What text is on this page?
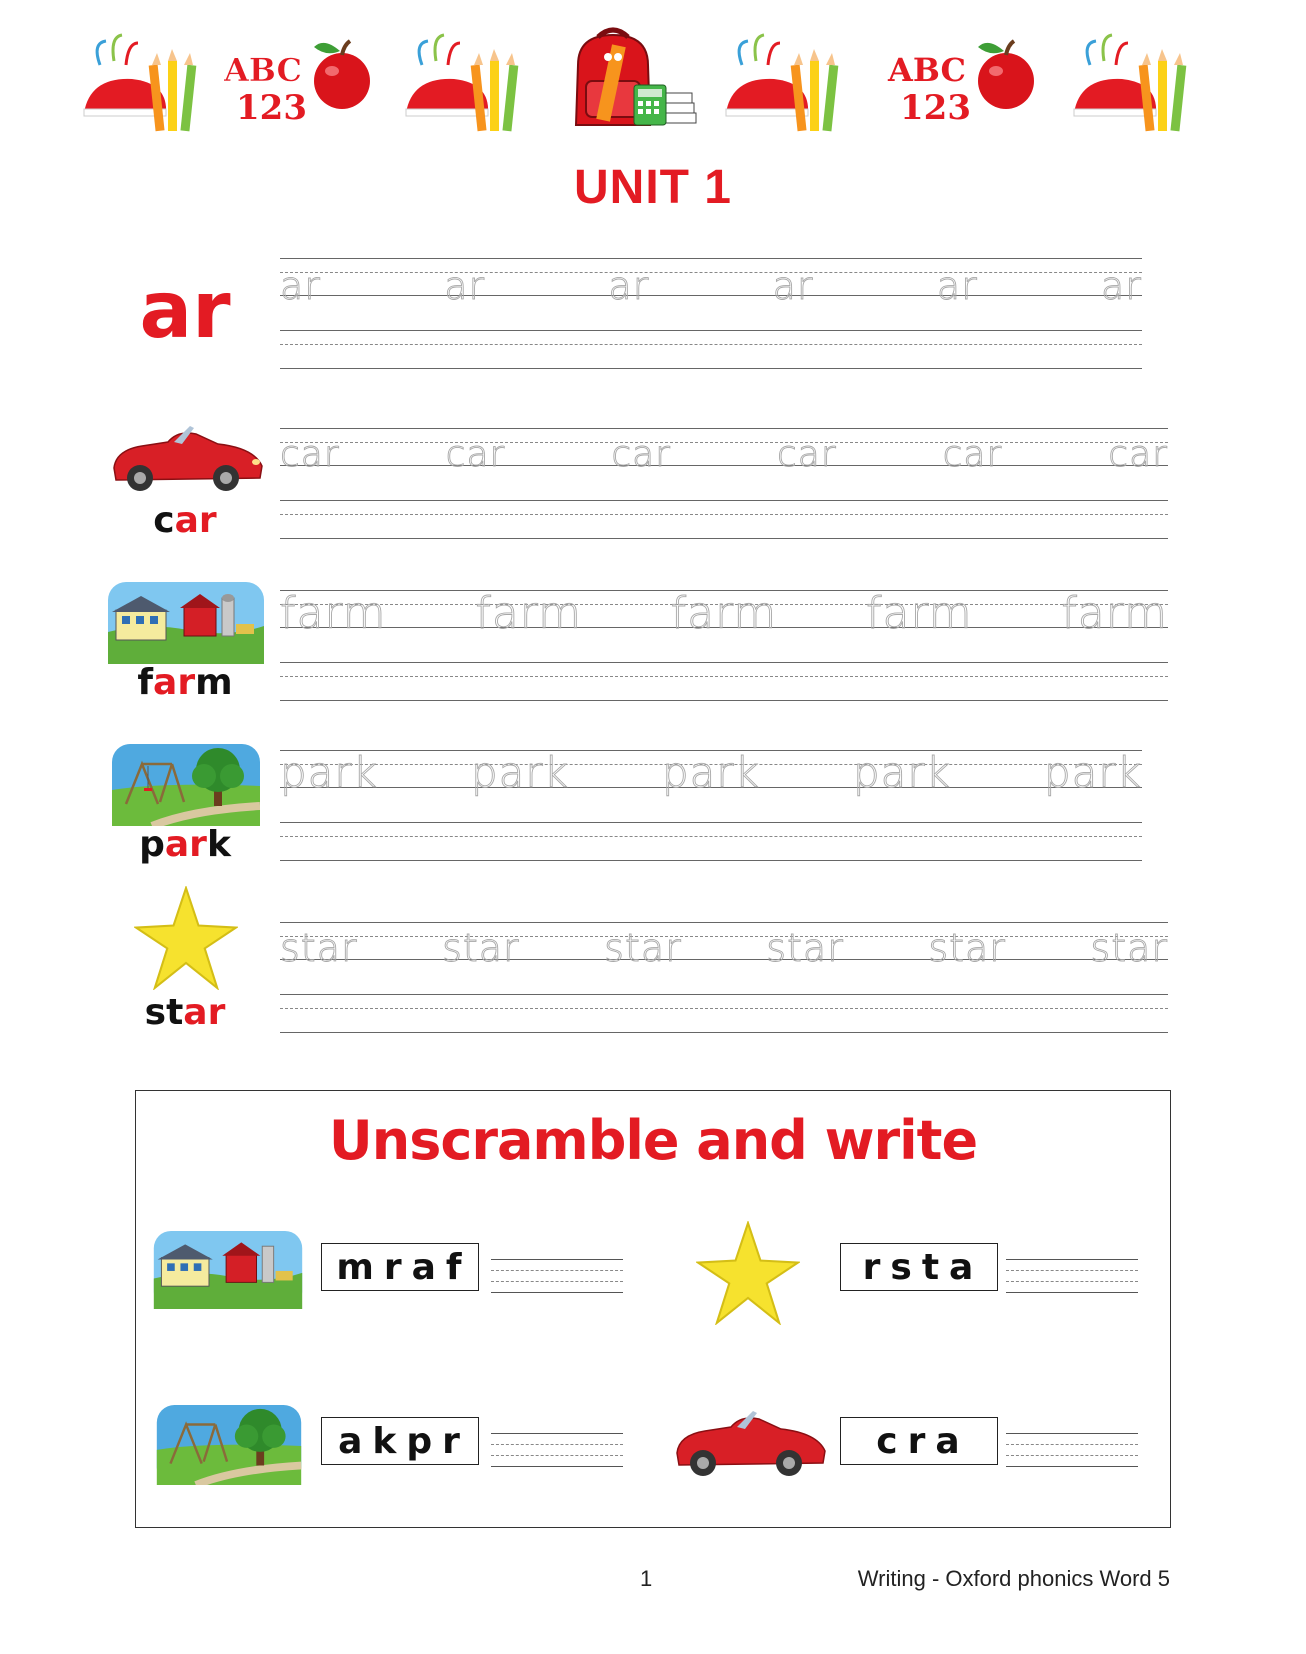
ABC
123
ABC
123
UNIT 1
ar	ar	ar	ar	ar	ar	ar
car
car	car	car	car	car	car
farm
farm farm farm farm farm
park
park park park park park
star
star star star star star star
Unscramble and write
mraf	rsta
akpr	cra
1	Writing - Oxford phonics Word 5
